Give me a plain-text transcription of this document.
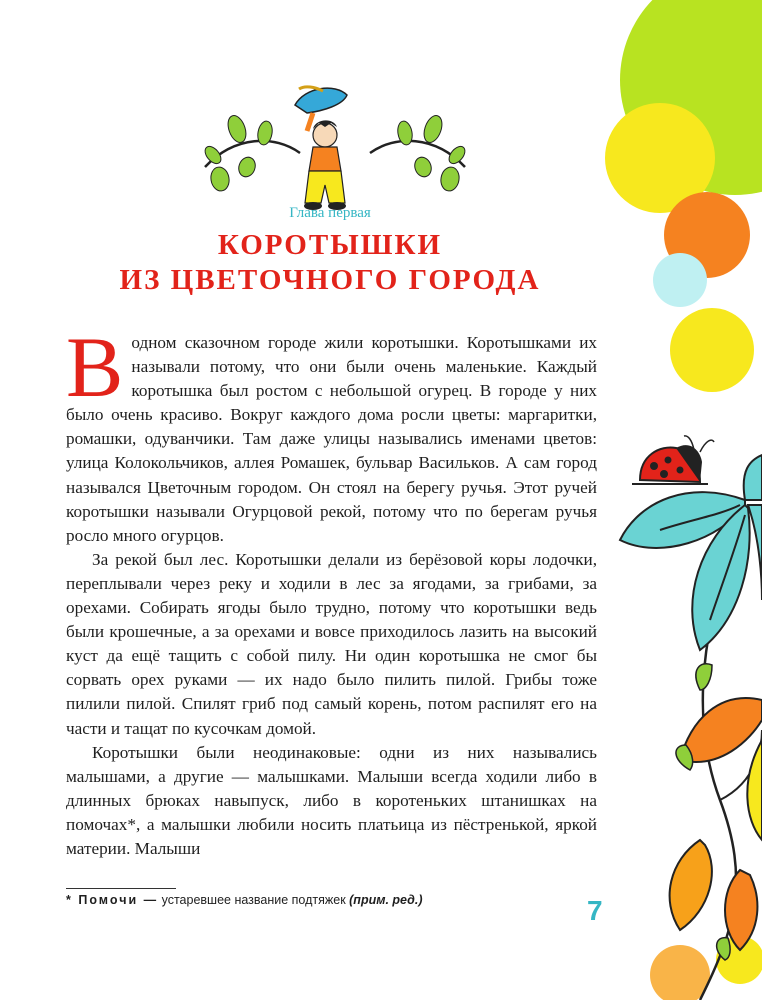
Глава первая
КОРОТЫШКИ
ИЗ ЦВЕТОЧНОГО ГОРОДА

Водном сказочном городе жили коротышки. Коротышками их называли потому, что они были очень маленькие. Каждый коротышка был ростом с небольшой огурец. В городе у них было очень красиво. Вокруг каждого дома росли цветы: маргаритки, ромашки, одуванчики. Там даже улицы назывались именами цветов: улица Колокольчиков, аллея Ромашек, бульвар Васильков. А сам город назывался Цветочным городом. Он стоял на берегу ручья. Этот ручей коротышки называли Огурцовой рекой, потому что по берегам ручья росло много огурцов.

За рекой был лес. Коротышки делали из берёзовой коры лодочки, переплывали через реку и ходили в лес за ягодами, за грибами, за орехами. Собирать ягоды было трудно, потому что коротышки ведь были крошечные, а за орехами и вовсе приходилось лазить на высокий куст да ещё тащить с собой пилу. Ни один коротышка не смог бы сорвать орех руками — их надо было пилить пилой. Грибы тоже пилили пилой. Спилят гриб под самый корень, потом распилят его на части и тащат по кусочкам домой.

Коротышки были неодинаковые: одни из них назывались малышами, а другие — малышками. Малыши всегда ходили либо в длинных брюках навыпуск, либо в коротеньких штанишках на помочах*, а малышки любили носить платьица из пёстренькой, яркой материи. Малыши

* Помочи — устаревшее название подтяжек (прим. ред.)	7
